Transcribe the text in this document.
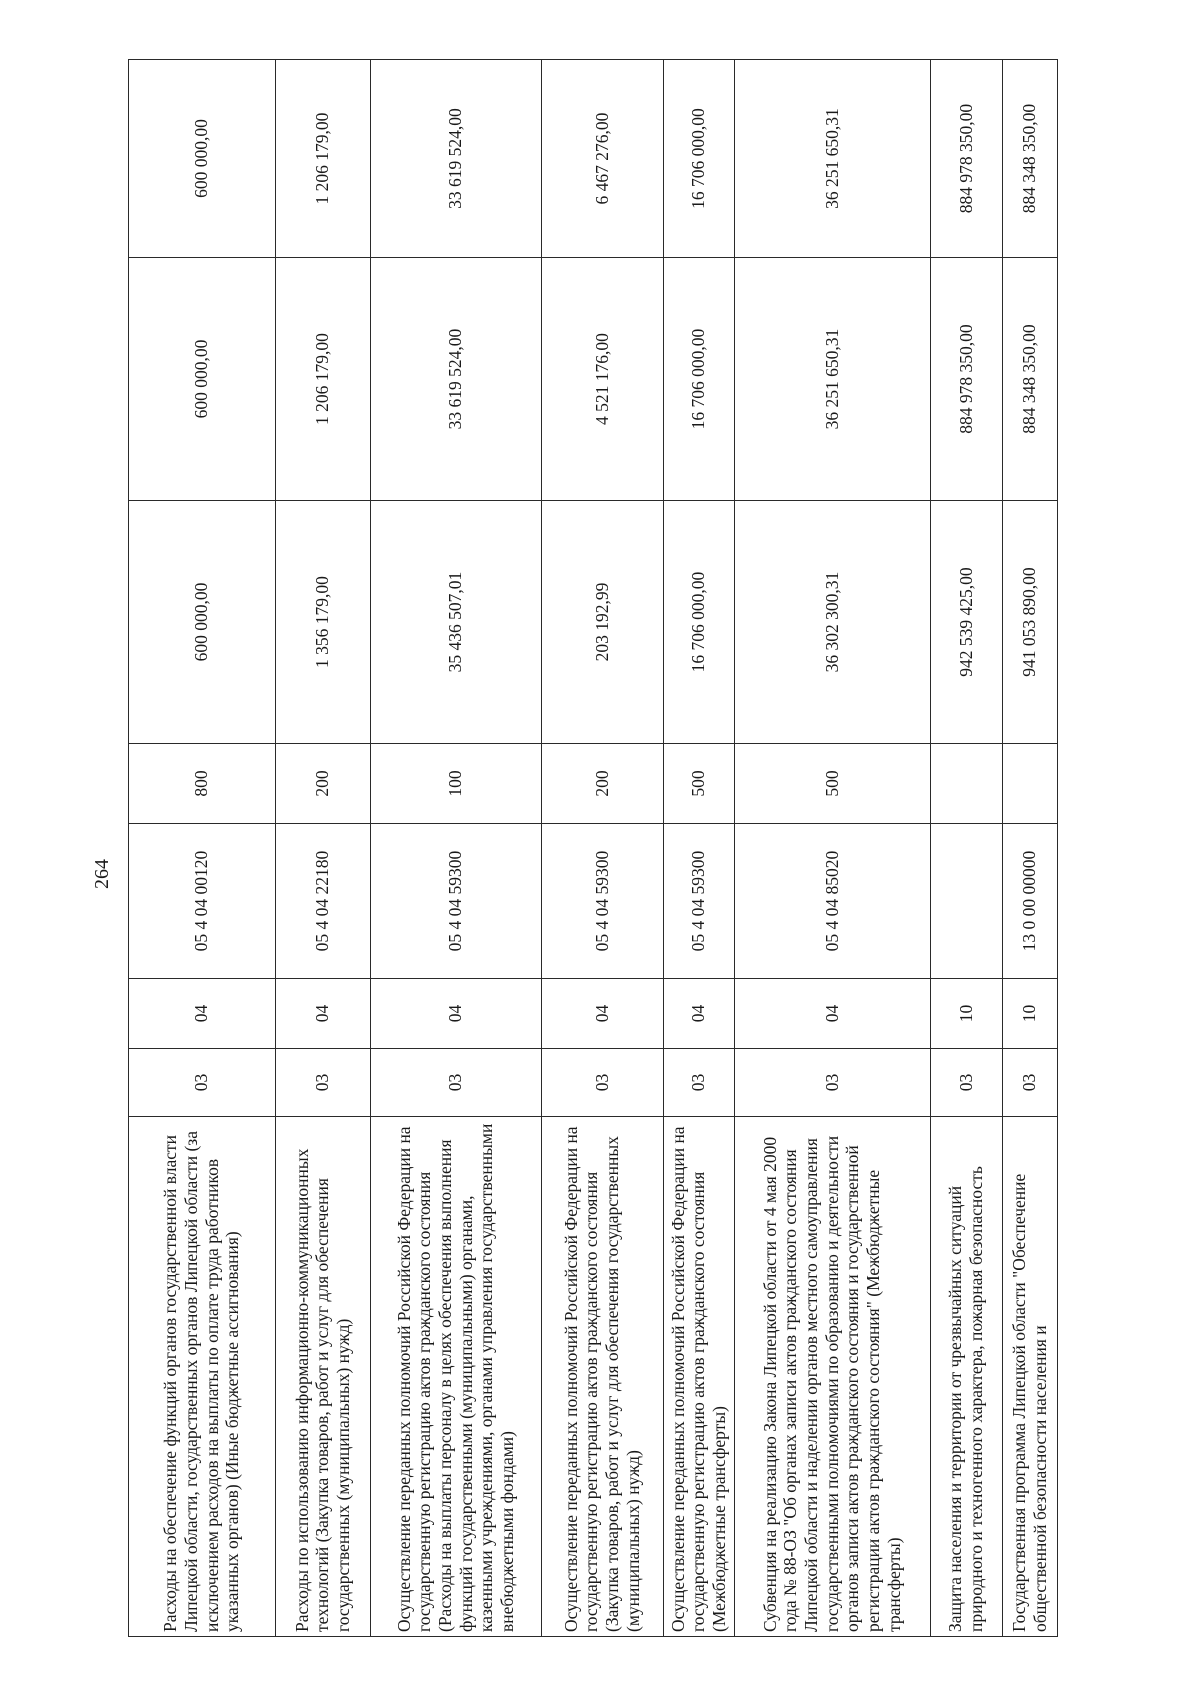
264
Расходы на обеспечение функций органов государственной власти Липецкой области, государственных органов Липецкой области (за исключением расходов на выплаты по оплате труда работников указанных органов) (Иные бюджетные ассигнования)	03	04	05 4 04 00120	800	600 000,00	600 000,00	600 000,00
Расходы по использованию информационно-коммуникационных технологий (Закупка товаров, работ и услуг для обеспечения государственных (муниципальных) нужд)	03	04	05 4 04 22180	200	1 356 179,00	1 206 179,00	1 206 179,00
Осуществление переданных полномочий Российской Федерации на государственную регистрацию актов гражданского состояния (Расходы на выплаты персоналу в целях обеспечения выполнения функций государственными (муниципальными) органами, казенными учреждениями, органами управления государственными внебюджетными фондами)	03	04	05 4 04 59300	100	35 436 507,01	33 619 524,00	33 619 524,00
Осуществление переданных полномочий Российской Федерации на государственную регистрацию актов гражданского состояния (Закупка товаров, работ и услуг для обеспечения государственных (муниципальных) нужд)	03	04	05 4 04 59300	200	203 192,99	4 521 176,00	6 467 276,00
Осуществление переданных полномочий Российской Федерации на государственную регистрацию актов гражданского состояния (Межбюджетные трансферты)	03	04	05 4 04 59300	500	16 706 000,00	16 706 000,00	16 706 000,00
Субвенция на реализацию Закона Липецкой области от 4 мая 2000 года № 88-ОЗ "Об органах записи актов гражданского состояния Липецкой области и наделении органов местного самоуправления государственными полномочиями по образованию и деятельности органов записи актов гражданского состояния и государственной регистрации актов гражданского состояния" (Межбюджетные трансферты)	03	04	05 4 04 85020	500	36 302 300,31	36 251 650,31	36 251 650,31
Защита населения и территории от чрезвычайных ситуаций природного и техногенного характера, пожарная безопасность	03	10			942 539 425,00	884 978 350,00	884 978 350,00
Государственная программа Липецкой области "Обеспечение общественной безопасности населения и	03	10	13 0 00 00000		941 053 890,00	884 348 350,00	884 348 350,00
